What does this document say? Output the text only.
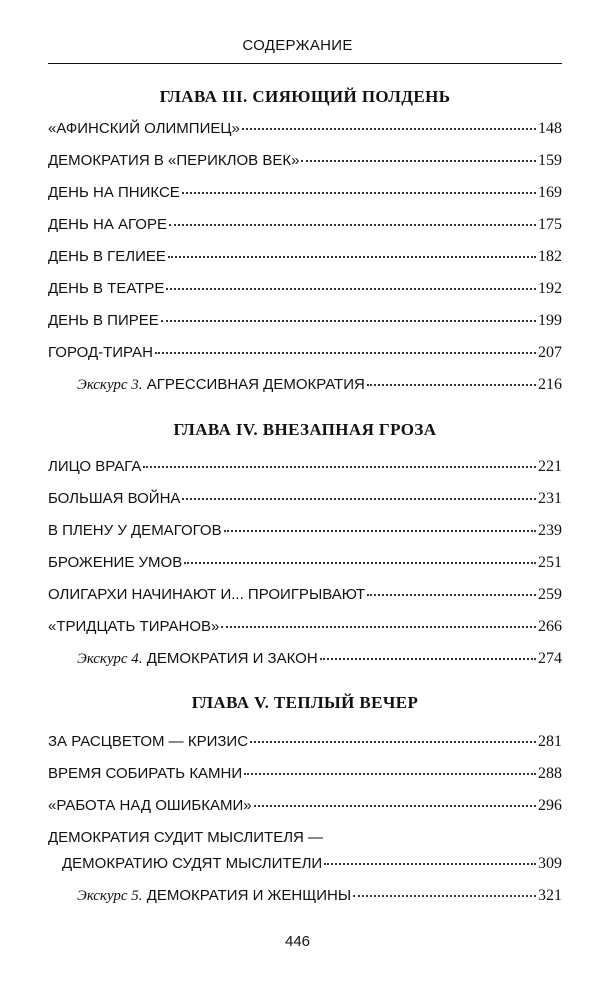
СОДЕРЖАНИЕ
ГЛАВА III. СИЯЮЩИЙ ПОЛДЕНЬ
«АФИНСКИЙ ОЛИМПИЕЦ»	148
ДЕМОКРАТИЯ В «ПЕРИКЛОВ ВЕК»	159
ДЕНЬ НА ПНИКСЕ	169
ДЕНЬ НА АГОРЕ	175
ДЕНЬ В ГЕЛИЕЕ	182
ДЕНЬ В ТЕАТРЕ	192
ДЕНЬ В ПИРЕЕ	199
ГОРОД-ТИРАН	207
Экскурс 3. АГРЕССИВНАЯ ДЕМОКРАТИЯ	216
ГЛАВА IV. ВНЕЗАПНАЯ ГРОЗА
ЛИЦО ВРАГА	221
БОЛЬШАЯ ВОЙНА	231
В ПЛЕНУ У ДЕМАГОГОВ	239
БРОЖЕНИЕ УМОВ	251
ОЛИГАРХИ НАЧИНАЮТ И... ПРОИГРЫВАЮТ	259
«ТРИДЦАТЬ ТИРАНОВ»	266
Экскурс 4. ДЕМОКРАТИЯ И ЗАКОН	274
ГЛАВА V. ТЕПЛЫЙ ВЕЧЕР
ЗА РАСЦВЕТОМ — КРИЗИС	281
ВРЕМЯ СОБИРАТЬ КАМНИ	288
«РАБОТА НАД ОШИБКАМИ»	296
ДЕМОКРАТИЯ СУДИТ МЫСЛИТЕЛЯ —
ДЕМОКРАТИЮ СУДЯТ МЫСЛИТЕЛИ	309
Экскурс 5. ДЕМОКРАТИЯ И ЖЕНЩИНЫ	321
446
